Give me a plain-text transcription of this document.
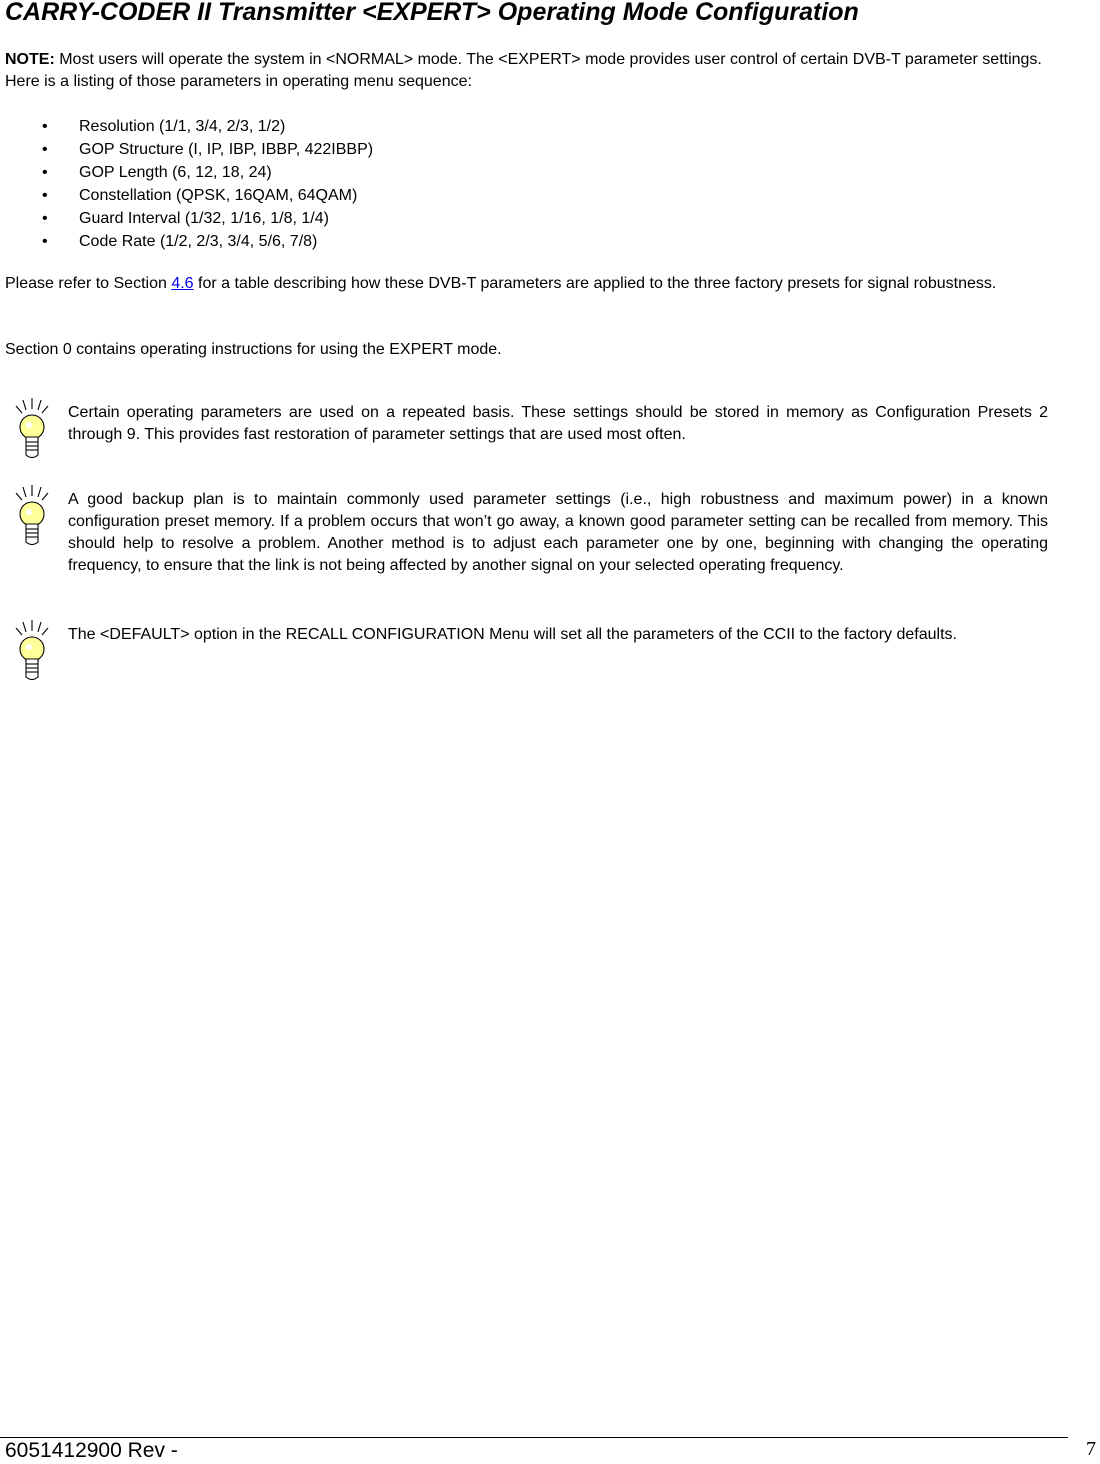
CARRY-CODER II Transmitter <EXPERT> Operating Mode Configuration
NOTE: Most users will operate the system in <NORMAL> mode. The <EXPERT> mode provides user control of certain DVB-T parameter settings. Here is a listing of those parameters in operating menu sequence:
• Resolution (1/1, 3/4, 2/3, 1/2)
• GOP Structure (I, IP, IBP, IBBP, 422IBBP)
• GOP Length (6, 12, 18, 24)
• Constellation (QPSK, 16QAM, 64QAM)
• Guard Interval (1/32, 1/16, 1/8, 1/4)
• Code Rate (1/2, 2/3, 3/4, 5/6, 7/8)
Please refer to Section 4.6 for a table describing how these DVB-T parameters are applied to the three factory presets for signal robustness.
Section 0 contains operating instructions for using the EXPERT mode.
Certain operating parameters are used on a repeated basis. These settings should be stored in memory as Configuration Presets 2 through 9. This provides fast restoration of parameter settings that are used most often.
A good backup plan is to maintain commonly used parameter settings (i.e., high robustness and maximum power) in a known configuration preset memory. If a problem occurs that won’t go away, a known good parameter setting can be recalled from memory. This should help to resolve a problem. Another method is to adjust each parameter one by one, beginning with changing the operating frequency, to ensure that the link is not being affected by another signal on your selected operating frequency.
The <DEFAULT> option in the RECALL CONFIGURATION Menu will set all the parameters of the CCII to the factory defaults.
6051412900 Rev -	7
